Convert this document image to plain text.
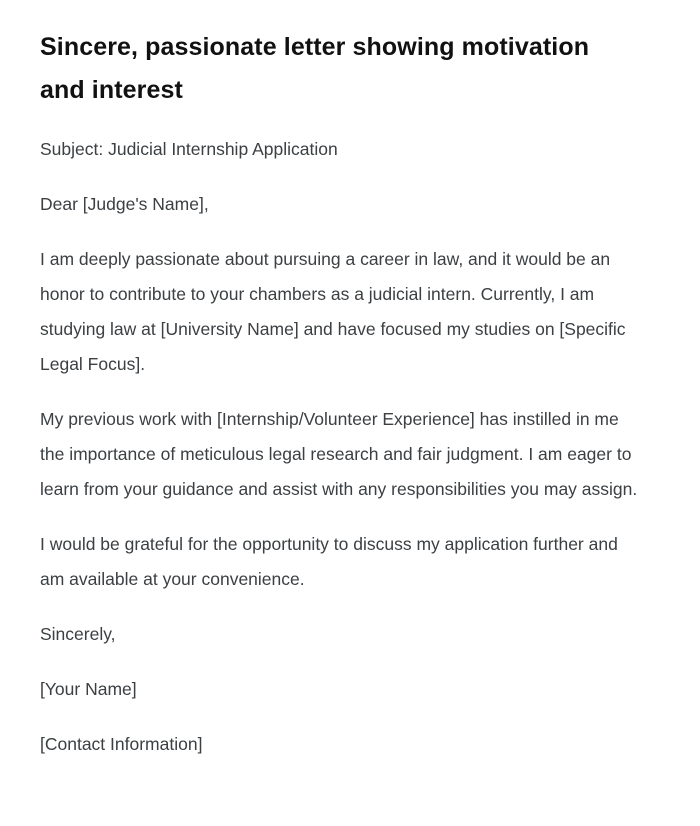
Sincere, passionate letter showing motivation and interest

Subject: Judicial Internship Application

Dear [Judge's Name],

I am deeply passionate about pursuing a career in law, and it would be an honor to contribute to your chambers as a judicial intern. Currently, I am studying law at [University Name] and have focused my studies on [Specific Legal Focus].

My previous work with [Internship/Volunteer Experience] has instilled in me the importance of meticulous legal research and fair judgment. I am eager to learn from your guidance and assist with any responsibilities you may assign.

I would be grateful for the opportunity to discuss my application further and am available at your convenience.

Sincerely,

[Your Name]

[Contact Information]
